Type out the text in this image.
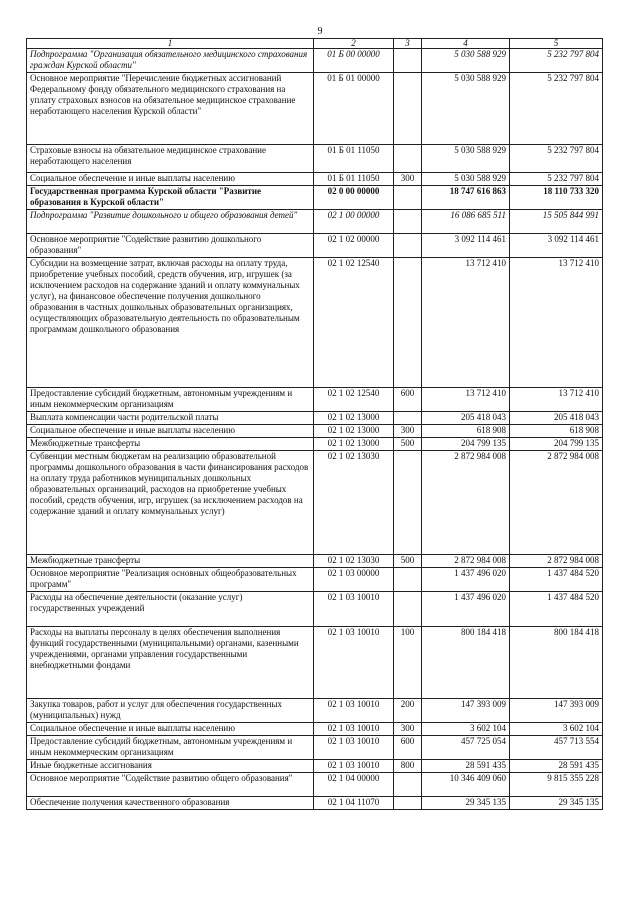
9
1	2	3	4	5
Подпрограмма "Организация обязательного медицинского страхования граждан Курской области"	01 Б 00 00000		5 030 588 929	5 232 797 804
Основное мероприятие "Перечисление бюджетных ассигнований Федеральному фонду обязательного медицинского страхования на уплату страховых взносов на обязательное медицинское страхование неработающего населения Курской области"	01 Б 01 00000		5 030 588 929	5 232 797 804
Страховые взносы на обязательное медицинское страхование неработающего населения	01 Б 01 11050		5 030 588 929	5 232 797 804
Социальное обеспечение и иные выплаты населению	01 Б 01 11050	300	5 030 588 929	5 232 797 804
Государственная программа Курской области "Развитие образования в Курской области"	02 0 00 00000		18 747 616 863	18 110 733 320
Подпрограмма "Развитие дошкольного и общего образования детей"	02 1 00 00000		16 086 685 511	15 505 844 991
Основное мероприятие "Содействие развитию дошкольного образования"	02 1 02 00000		3 092 114 461	3 092 114 461
Субсидии на возмещение затрат, включая расходы на оплату труда, приобретение учебных пособий, средств обучения, игр, игрушек (за исключением расходов на содержание зданий и оплату коммунальных услуг), на финансовое обеспечение получения дошкольного образования в частных дошкольных образовательных организациях, осуществляющих образовательную деятельность по образовательным программам дошкольного образования	02 1 02 12540		13 712 410	13 712 410
Предоставление субсидий бюджетным, автономным учреждениям и иным некоммерческим организациям	02 1 02 12540	600	13 712 410	13 712 410
Выплата компенсации части родительской платы	02 1 02 13000		205 418 043	205 418 043
Социальное обеспечение и иные выплаты населению	02 1 02 13000	300	618 908	618 908
Межбюджетные трансферты	02 1 02 13000	500	204 799 135	204 799 135
Субвенции местным бюджетам на реализацию образовательной программы дошкольного образования в части финансирования расходов на оплату труда работников муниципальных дошкольных образовательных организаций, расходов на приобретение учебных пособий, средств обучения, игр, игрушек (за исключением расходов на содержание зданий и оплату коммунальных услуг)	02 1 02 13030		2 872 984 008	2 872 984 008
Межбюджетные трансферты	02 1 02 13030	500	2 872 984 008	2 872 984 008
Основное мероприятие "Реализация основных общеобразовательных программ"	02 1 03 00000		1 437 496 020	1 437 484 520
Расходы на обеспечение деятельности (оказание услуг) государственных учреждений	02 1 03 10010		1 437 496 020	1 437 484 520
Расходы на выплаты персоналу в целях обеспечения выполнения функций государственными (муниципальными) органами, казенными учреждениями, органами управления государственными внебюджетными фондами	02 1 03 10010	100	800 184 418	800 184 418
Закупка товаров, работ и услуг для обеспечения государственных (муниципальных) нужд	02 1 03 10010	200	147 393 009	147 393 009
Социальное обеспечение и иные выплаты населению	02 1 03 10010	300	3 602 104	3 602 104
Предоставление субсидий бюджетным, автономным учреждениям и иным некоммерческим организациям	02 1 03 10010	600	457 725 054	457 713 554
Иные бюджетные ассигнования	02 1 03 10010	800	28 591 435	28 591 435
Основное мероприятие "Содействие развитию общего образования"	02 1 04 00000		10 346 409 060	9 815 355 228
Обеспечение получения качественного образования	02 1 04 11070		29 345 135	29 345 135
